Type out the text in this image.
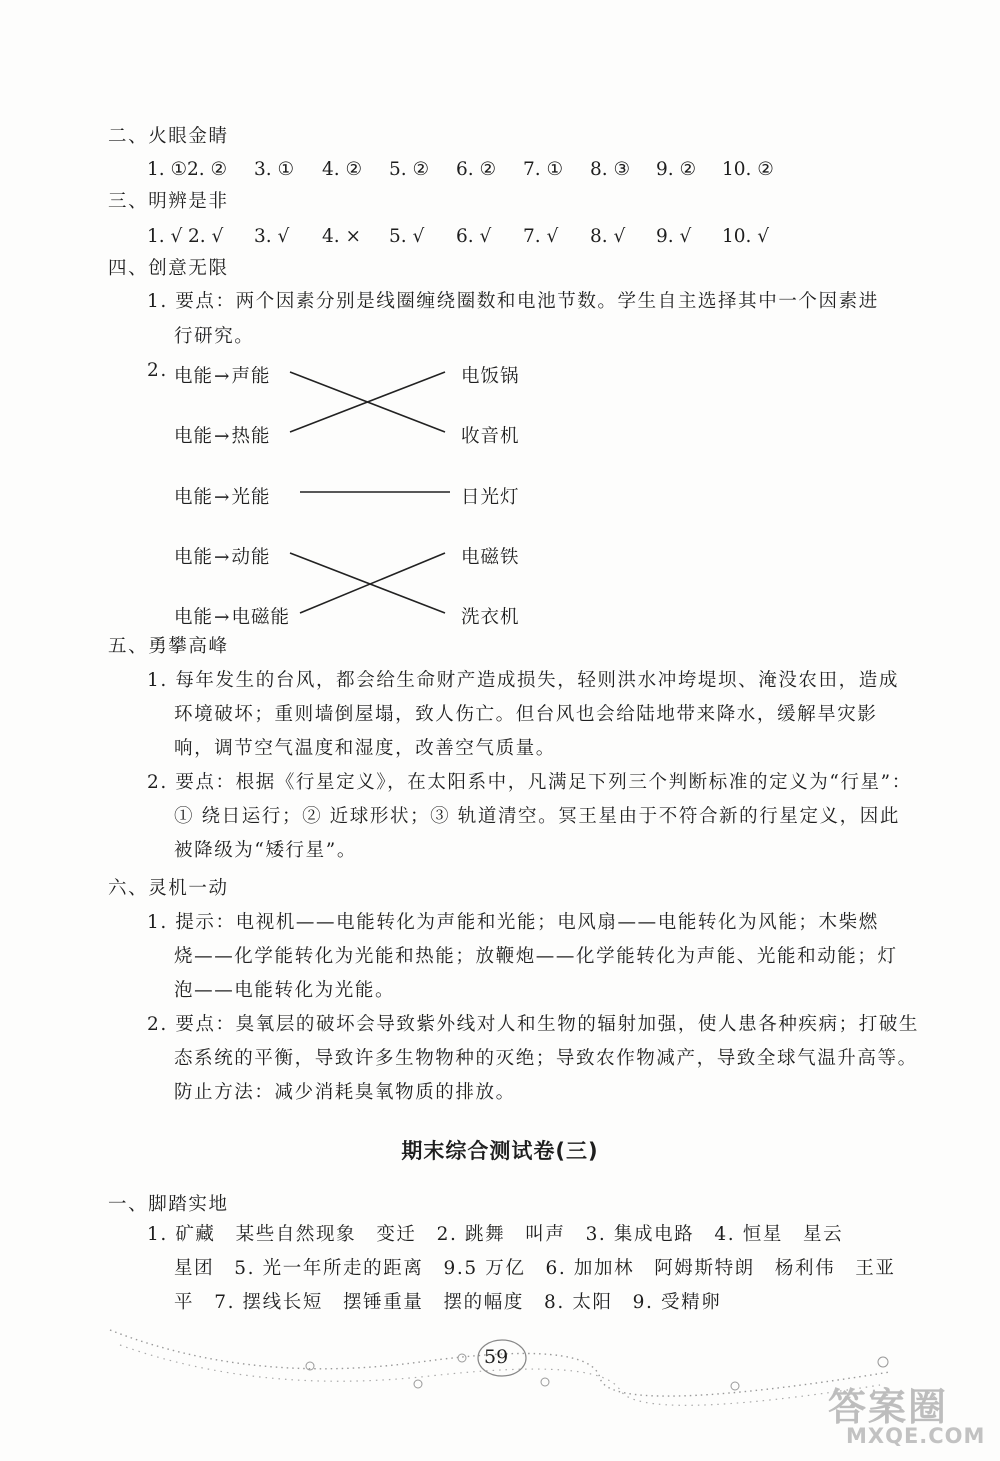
二、火眼金睛
1. ① 2. ② 3. ① 4. ② 5. ② 6. ② 7. ① 8. ③ 9. ② 10. ②
三、明辨是非
1. √ 2. √ 3. √ 4. × 5. √ 6. √ 7. √ 8. √ 9. √ 10. √
四、创意无限
1. 要点：两个因素分别是线圈缠绕圈数和电池节数。学生自主选择其中一个因素进
行研究。
2. 电能→声能
电能→热能
电能→光能
电能→动能
电能→电磁能
电饭锅
收音机
日光灯
电磁铁
洗衣机
五、勇攀高峰
1. 每年发生的台风，都会给生命财产造成损失，轻则洪水冲垮堤坝、淹没农田，造成
环境破坏；重则墙倒屋塌，致人伤亡。但台风也会给陆地带来降水，缓解旱灾影
响，调节空气温度和湿度，改善空气质量。
2. 要点：根据《行星定义》，在太阳系中，凡满足下列三个判断标准的定义为“行星”：
① 绕日运行；② 近球形状；③ 轨道清空。冥王星由于不符合新的行星定义，因此
被降级为“矮行星”。
六、灵机一动
1. 提示：电视机——电能转化为声能和光能；电风扇——电能转化为风能；木柴燃
烧——化学能转化为光能和热能；放鞭炮——化学能转化为声能、光能和动能；灯
泡——电能转化为光能。
2. 要点：臭氧层的破坏会导致紫外线对人和生物的辐射加强，使人患各种疾病；打破生
态系统的平衡，导致许多生物物种的灭绝；导致农作物减产，导致全球气温升高等。
防止方法：减少消耗臭氧物质的排放。
期末综合测试卷(三)
一、脚踏实地
1. 矿藏　某些自然现象　变迁　2. 跳舞　叫声　3. 集成电路　4. 恒星　星云
星团　5. 光一年所走的距离　9.5 万亿　6. 加加林　阿姆斯特朗　杨利伟　王亚
平　7. 摆线长短　摆锤重量　摆的幅度　8. 太阳　9. 受精卵
59
答案圈
MXQE.COM
